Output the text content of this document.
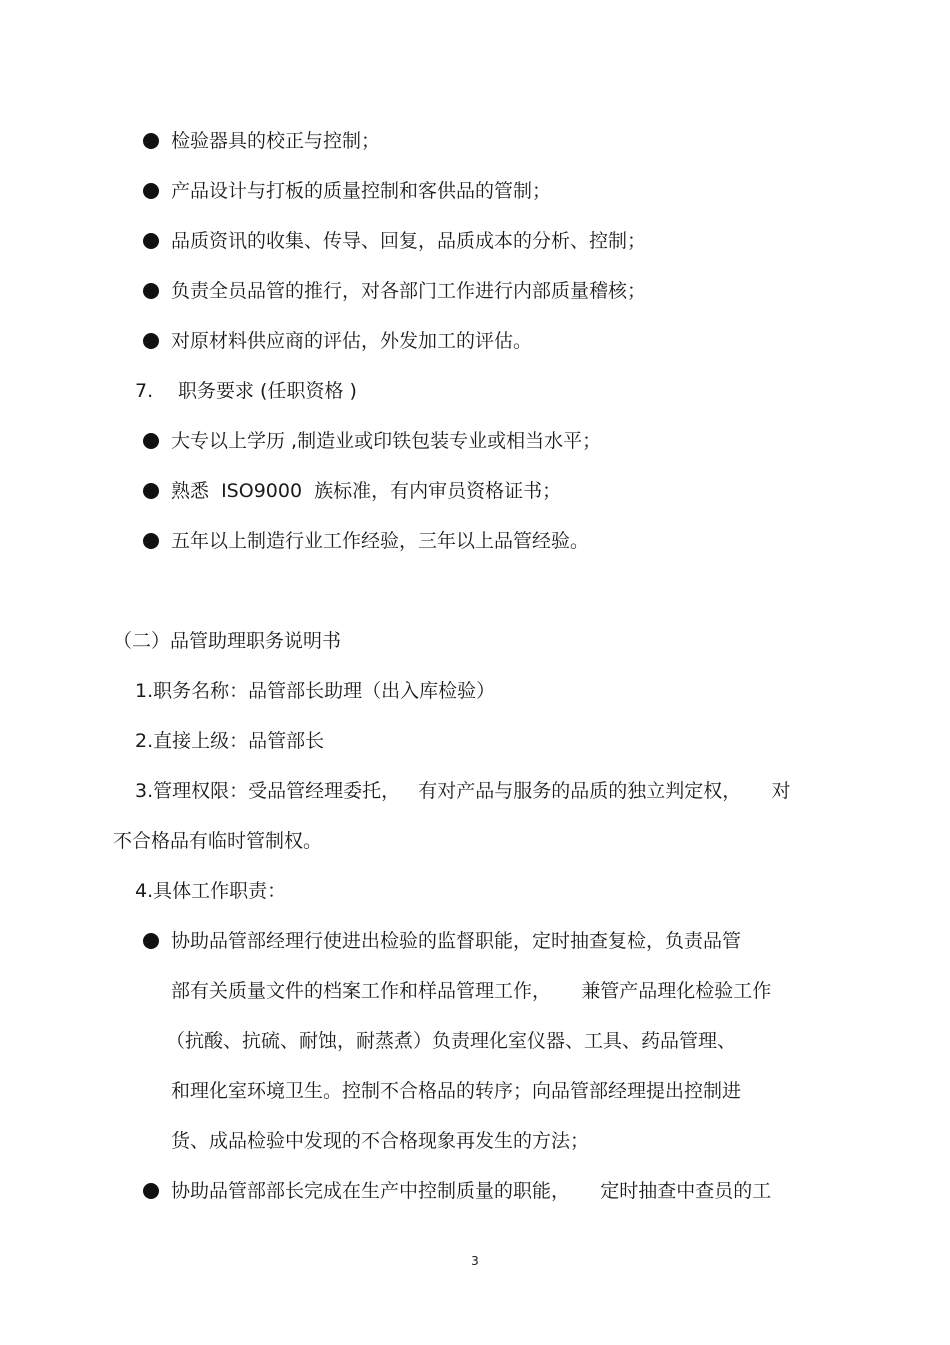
检验器具的校正与控制；
产品设计与打板的质量控制和客供品的管制；
品质资讯的收集、传导、回复，品质成本的分析、控制；
负责全员品管的推行，对各部门工作进行内部质量稽核；
对原材料供应商的评估，外发加工的评估。
7. 职务要求 (任职资格 )
大专以上学历 ,制造业或印铁包装专业或相当水平；
熟悉  ISO9000  族标准，有内审员资格证书；
五年以上制造行业工作经验，三年以上品管经验。
（二）品管助理职务说明书
1.职务名称：品管部长助理（出入库检验）
2.直接上级：品管部长
3.管理权限：受品管经理委托，   有对产品与服务的品质的独立判定权，     对
不合格品有临时管制权。
4.具体工作职责：
协助品管部经理行使进出检验的监督职能，定时抽查复检，负责品管
部有关质量文件的档案工作和样品管理工作，     兼管产品理化检验工作
（抗酸、抗硫、耐蚀，耐蒸煮）负责理化室仪器、工具、药品管理、
和理化室环境卫生。控制不合格品的转序；向品管部经理提出控制进
货、成品检验中发现的不合格现象再发生的方法；
协助品管部部长完成在生产中控制质量的职能，     定时抽查中查员的工
3
